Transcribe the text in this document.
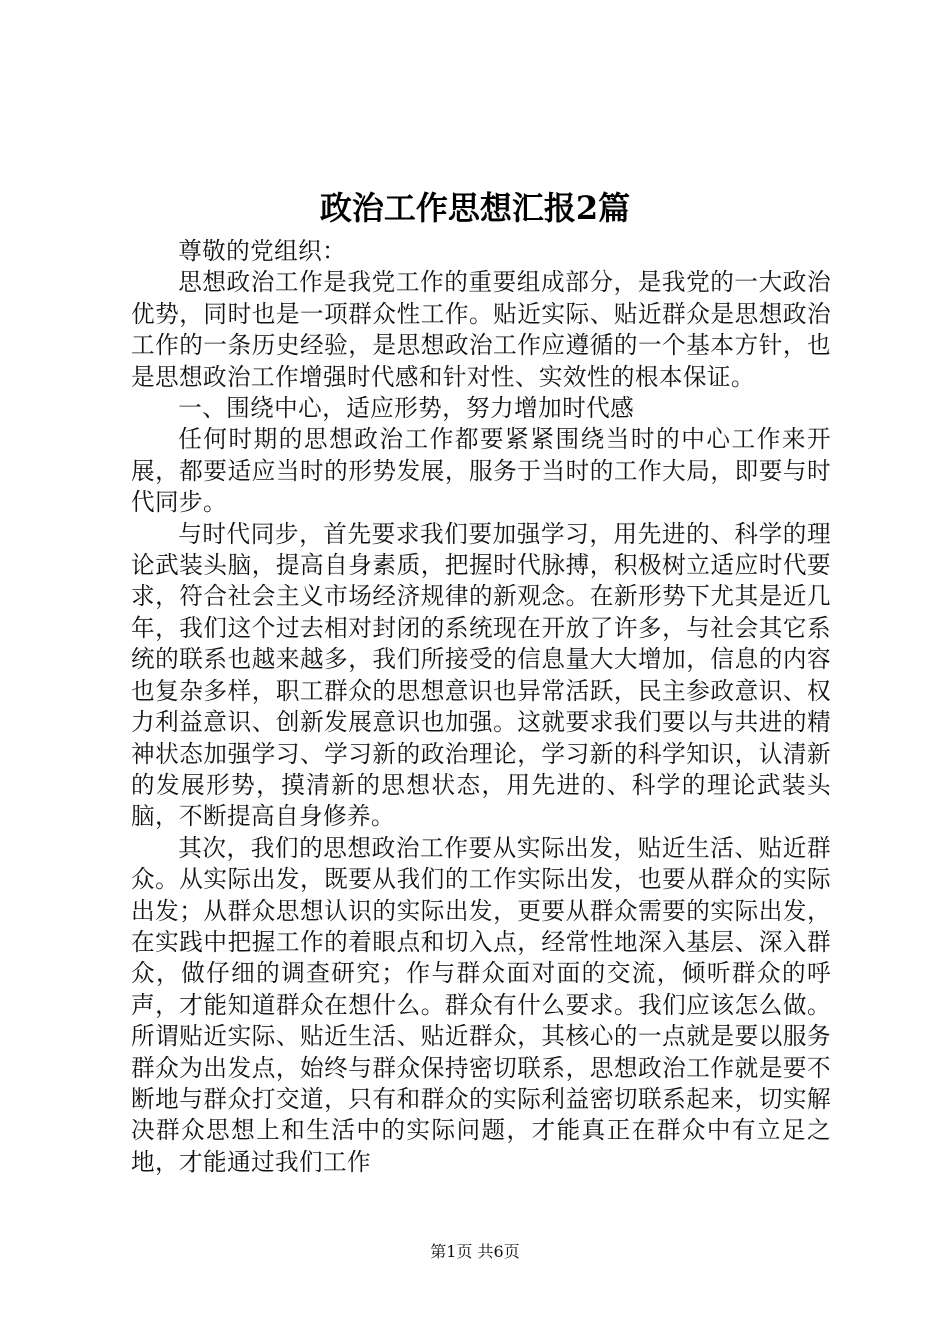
政治工作思想汇报2篇

尊敬的党组织：

思想政治工作是我党工作的重要组成部分，是我党的一大政治优势，同时也是一项群众性工作。贴近实际、贴近群众是思想政治工作的一条历史经验，是思想政治工作应遵循的一个基本方针，也是思想政治工作增强时代感和针对性、实效性的根本保证。

一、围绕中心，适应形势，努力增加时代感

任何时期的思想政治工作都要紧紧围绕当时的中心工作来开展，都要适应当时的形势发展，服务于当时的工作大局，即要与时代同步。

与时代同步，首先要求我们要加强学习，用先进的、科学的理论武装头脑，提高自身素质，把握时代脉搏，积极树立适应时代要求，符合社会主义市场经济规律的新观念。在新形势下尤其是近几年，我们这个过去相对封闭的系统现在开放了许多，与社会其它系统的联系也越来越多，我们所接受的信息量大大增加，信息的内容也复杂多样，职工群众的思想意识也异常活跃，民主参政意识、权力利益意识、创新发展意识也加强。这就要求我们要以与共进的精神状态加强学习、学习新的政治理论，学习新的科学知识，认清新的发展形势，摸清新的思想状态，用先进的、科学的理论武装头脑，不断提高自身修养。

其次，我们的思想政治工作要从实际出发，贴近生活、贴近群众。从实际出发，既要从我们的工作实际出发，也要从群众的实际出发；从群众思想认识的实际出发，更要从群众需要的实际出发，在实践中把握工作的着眼点和切入点，经常性地深入基层、深入群众，做仔细的调查研究；作与群众面对面的交流，倾听群众的呼声，才能知道群众在想什么。群众有什么要求。我们应该怎么做。所谓贴近实际、贴近生活、贴近群众，其核心的一点就是要以服务群众为出发点，始终与群众保持密切联系，思想政治工作就是要不断地与群众打交道，只有和群众的实际利益密切联系起来，切实解决群众思想上和生活中的实际问题，才能真正在群众中有立足之地，才能通过我们工作

第1页 共6页
